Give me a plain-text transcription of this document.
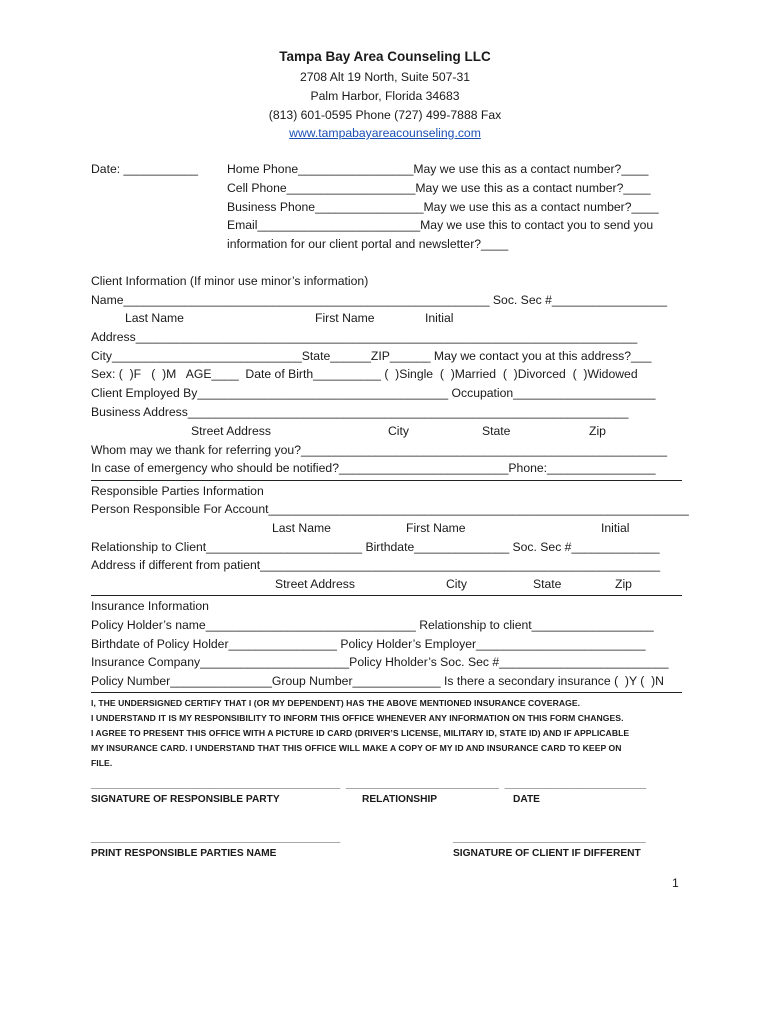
Tampa Bay Area Counseling LLC
2708 Alt 19 North, Suite 507-31
Palm Harbor, Florida 34683
(813) 601-0595 Phone (727) 499-7888 Fax
www.tampabayareacounseling.com
Date: ___________ Home Phone_________________May we use this as a contact number?____
Cell Phone___________________May we use this as a contact number?____
Business Phone________________May we use this as a contact number?____
Email________________________May we use this to contact you to send you
information for our client portal and newsletter?____
Client Information (If minor use minor’s information)
Name______________________________________________________ Soc. Sec #_________________
Last Name	First Name	Initial
Address__________________________________________________________________________
City____________________________State______ZIP______ May we contact you at this address?___
Sex: (  )F   (  )M   AGE____  Date of Birth__________ (  )Single  (  )Married  (  )Divorced  (  )Widowed
Client Employed By_____________________________________ Occupation_____________________
Business Address_________________________________________________________________
Street Address	City	State	Zip
Whom may we thank for referring you?______________________________________________________
In case of emergency who should be notified?_________________________Phone:________________
Responsible Parties Information
Person Responsible For Account______________________________________________________________
Last Name	First Name	Initial
Relationship to Client_______________________ Birthdate______________ Soc. Sec #_____________
Address if different from patient___________________________________________________________
Street Address	City	State	Zip
Insurance Information
Policy Holder’s name_______________________________ Relationship to client__________________
Birthdate of Policy Holder________________ Policy Holder’s Employer_________________________
Insurance Company______________________Policy Hholder’s Soc. Sec #_________________________
Policy Number_______________Group Number_____________ Is there a secondary insurance (  )Y (  )N
I, THE UNDERSIGNED CERTIFY THAT I (OR MY DEPENDENT) HAS THE ABOVE MENTIONED INSURANCE COVERAGE.
I UNDERSTAND IT IS MY RESPONSIBILITY TO INFORM THIS OFFICE WHENEVER ANY INFORMATION ON THIS FORM CHANGES.
I AGREE TO PRESENT THIS OFFICE WITH A PICTURE ID CARD (DRIVER’S LICENSE, MILITARY ID, STATE ID) AND IF APPLICABLE
MY INSURANCE CARD. I UNDERSTAND THAT THIS OFFICE WILL MAKE A COPY OF MY ID AND INSURANCE CARD TO KEEP ON
FILE.
____________________________________________  ___________________________  _________________________
SIGNATURE OF RESPONSIBLE PARTY	RELATIONSHIP	DATE
____________________________________________	__________________________________
PRINT RESPONSIBLE PARTIES NAME	SIGNATURE OF CLIENT IF DIFFERENT
1
